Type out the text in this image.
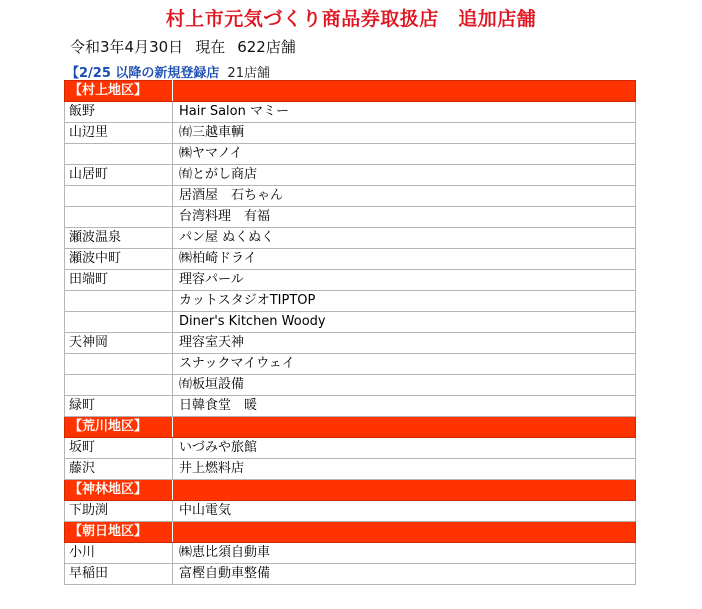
村上市元気づくり商品券取扱店　追加店舗
令和3年4月30日 現在 622店舗
【2/25 以降の新規登録店 21店舗
【村上地区】	
飯野	Hair Salon マミー
山辺里	㈲三越車輌
	㈱ヤマノイ
山居町	㈲とがし商店
	居酒屋　石ちゃん
	台湾料理　有福
瀬波温泉	パン屋 ぬくぬく
瀬波中町	㈱柏崎ドライ
田端町	理容パール
	カットスタジオTIPTOP
	Diner's Kitchen Woody
天神岡	理容室天神
	スナックマイウェイ
	㈲板垣設備
緑町	日韓食堂　暖
【荒川地区】	
坂町	いづみや旅館
藤沢	井上燃料店
【神林地区】	
下助渕	中山電気
【朝日地区】	
小川	㈱恵比須自動車
早稲田	富樫自動車整備
